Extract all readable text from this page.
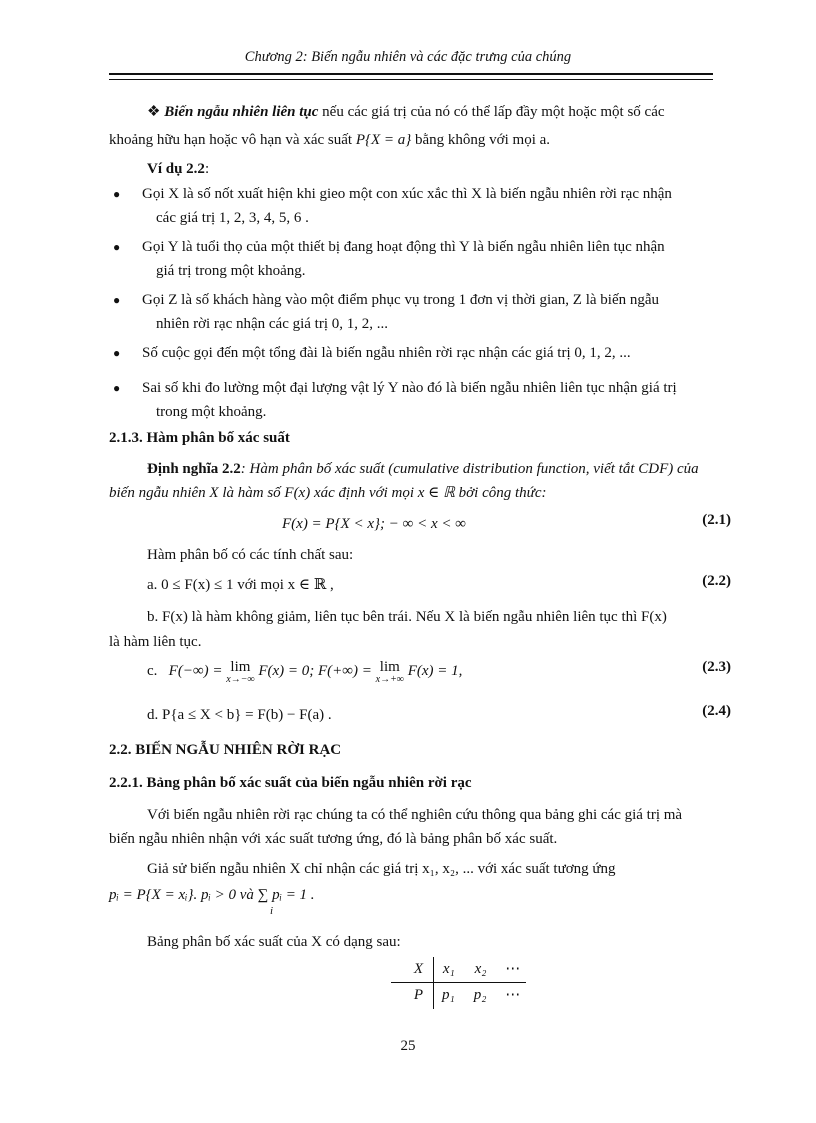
Chương 2: Biến ngẫu nhiên và các đặc trưng của chúng
❖ Biến ngẫu nhiên liên tục nếu các giá trị của nó có thể lấp đầy một hoặc một số các
khoảng hữu hạn hoặc vô hạn và xác suất P{X = a} bằng không với mọi a.
Ví dụ 2.2:
● Gọi X là số nốt xuất hiện khi gieo một con xúc xắc thì X là biến ngẫu nhiên rời rạc nhận
các giá trị 1, 2, 3, 4, 5, 6 .
● Gọi Y là tuổi thọ của một thiết bị đang hoạt động thì Y là biến ngẫu nhiên liên tục nhận
giá trị trong một khoảng.
● Gọi Z là số khách hàng vào một điểm phục vụ trong 1 đơn vị thời gian, Z là biến ngẫu
nhiên rời rạc nhận các giá trị 0, 1, 2, ...
● Số cuộc gọi đến một tổng đài là biến ngẫu nhiên rời rạc nhận các giá trị 0, 1, 2, ...
● Sai số khi đo lường một đại lượng vật lý Y nào đó là biến ngẫu nhiên liên tục nhận giá trị
trong một khoảng.
2.1.3. Hàm phân bố xác suất
Định nghĩa 2.2: Hàm phân bố xác suất (cumulative distribution function, viết tắt CDF) của
biến ngẫu nhiên X là hàm số F(x) xác định với mọi x ∈ ℝ bởi công thức:
F(x) = P{X < x}; − ∞ < x < ∞	(2.1)
Hàm phân bố có các tính chất sau:
a. 0 ≤ F(x) ≤ 1 với mọi x ∈ ℝ ,	(2.2)
b. F(x) là hàm không giảm, liên tục bên trái. Nếu X là biến ngẫu nhiên liên tục thì F(x)
là hàm liên tục.
c. F(−∞) = lim
x→−∞
F(x) = 0; F(+∞) = lim
x→+∞
F(x) = 1,	(2.3)
d. P{a ≤ X < b} = F(b) − F(a) .	(2.4)
2.2. BIẾN NGẪU NHIÊN RỜI RẠC
2.2.1. Bảng phân bố xác suất của biến ngẫu nhiên rời rạc
Với biến ngẫu nhiên rời rạc chúng ta có thể nghiên cứu thông qua bảng ghi các giá trị mà
biến ngẫu nhiên nhận với xác suất tương ứng, đó là bảng phân bố xác suất.
Giả sử biến ngẫu nhiên X chỉ nhận các giá trị x₁, x₂, ... với xác suất tương ứng
pᵢ = P{X = xᵢ}. pᵢ > 0 và ∑ pᵢ = 1 .
i
Bảng phân bố xác suất của X có dạng sau:
X x₁ x₂ ⋯
P p₁ p₂ ⋯
25
